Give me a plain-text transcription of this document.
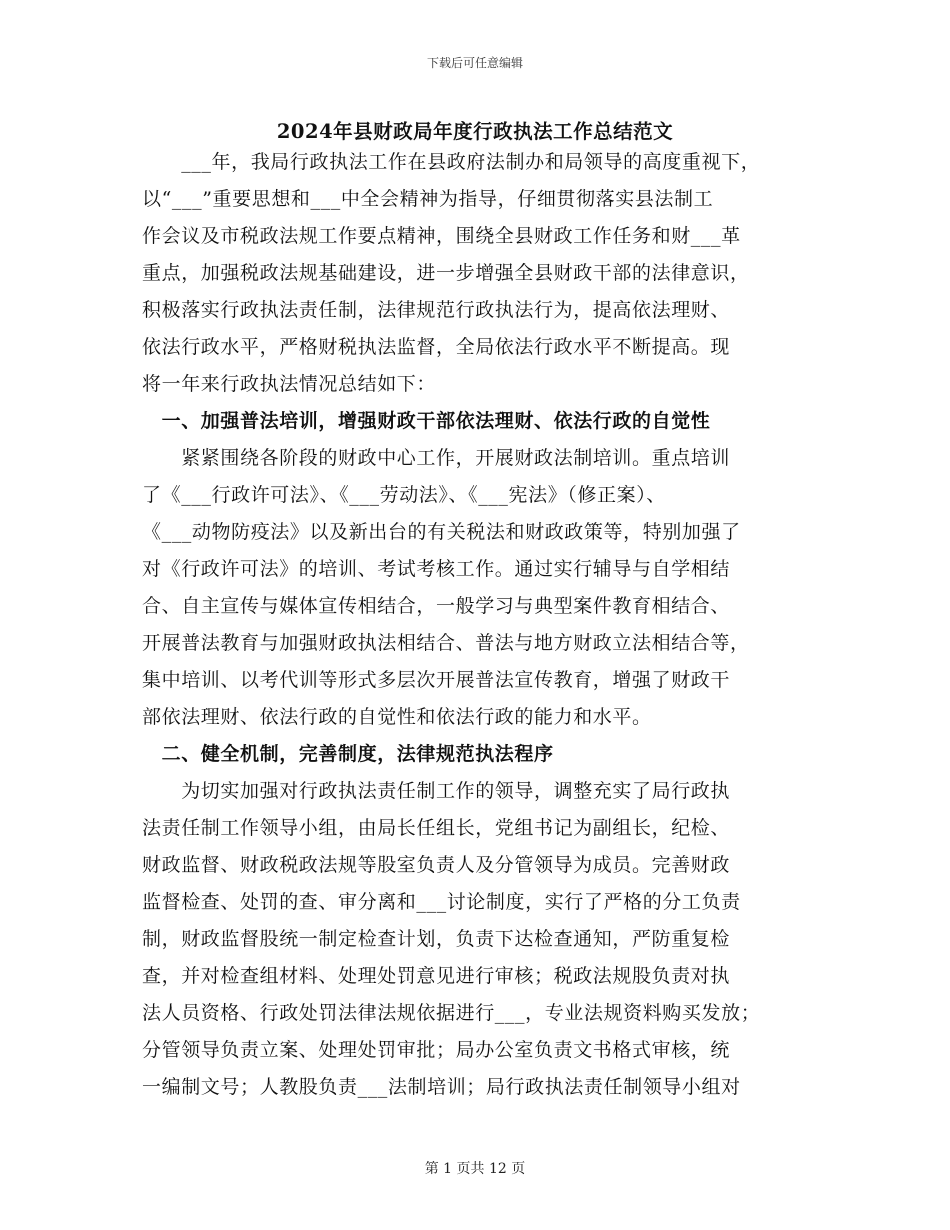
下载后可任意编辑
2024年县财政局年度行政执法工作总结范文
　　___年，我局行政执法工作在县政府法制办和局领导的高度重视下，
以“___”重要思想和___中全会精神为指导，仔细贯彻落实县法制工
作会议及市税政法规工作要点精神，围绕全县财政工作任务和财___革
重点，加强税政法规基础建设，进一步增强全县财政干部的法律意识，
积极落实行政执法责任制，法律规范行政执法行为，提高依法理财、
依法行政水平，严格财税执法监督，全局依法行政水平不断提高。现
将一年来行政执法情况总结如下：
　一、加强普法培训，增强财政干部依法理财、依法行政的自觉性
　　紧紧围绕各阶段的财政中心工作，开展财政法制培训。重点培训
了《___行政许可法》、《___劳动法》、《___宪法》（修正案）、
《___动物防疫法》以及新出台的有关税法和财政政策等，特别加强了
对《行政许可法》的培训、考试考核工作。通过实行辅导与自学相结
合、自主宣传与媒体宣传相结合，一般学习与典型案件教育相结合、
开展普法教育与加强财政执法相结合、普法与地方财政立法相结合等，
集中培训、以考代训等形式多层次开展普法宣传教育，增强了财政干
部依法理财、依法行政的自觉性和依法行政的能力和水平。
　二、健全机制，完善制度，法律规范执法程序
　　为切实加强对行政执法责任制工作的领导，调整充实了局行政执
法责任制工作领导小组，由局长任组长，党组书记为副组长，纪检、
财政监督、财政税政法规等股室负责人及分管领导为成员。完善财政
监督检查、处罚的查、审分离和___讨论制度，实行了严格的分工负责
制，财政监督股统一制定检查计划，负责下达检查通知，严防重复检
查，并对检查组材料、处理处罚意见进行审核；税政法规股负责对执
法人员资格、行政处罚法律法规依据进行___，专业法规资料购买发放；
分管领导负责立案、处理处罚审批；局办公室负责文书格式审核，统
一编制文号；人教股负责___法制培训；局行政执法责任制领导小组对
第 1 页共 12 页
